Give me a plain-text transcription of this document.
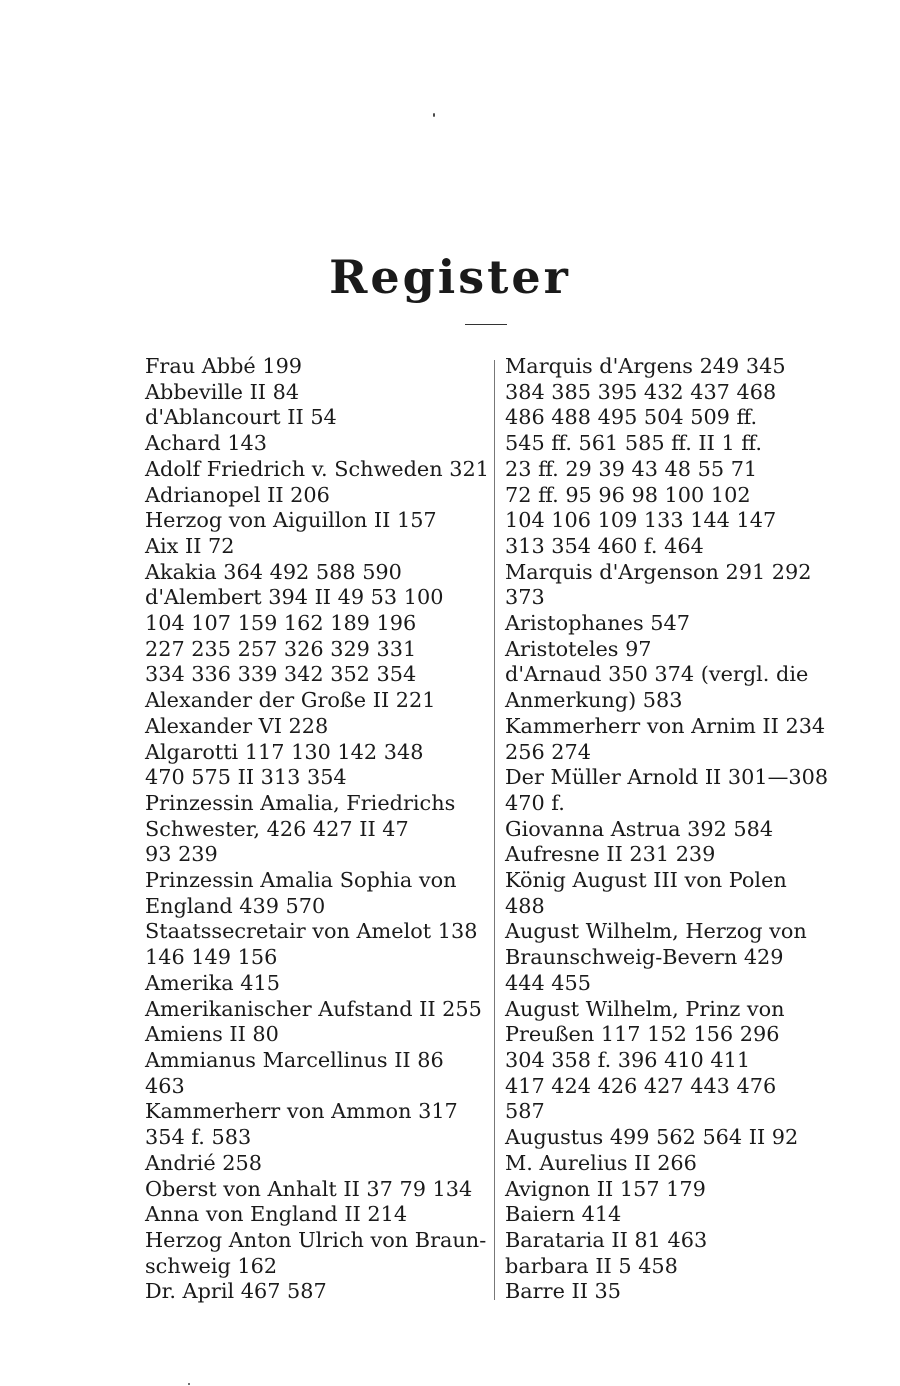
Register
Frau Abbé 199
Abbeville II 84
d'Ablancourt II 54
Achard 143
Adolf Friedrich v. Schweden 321
Adrianopel II 206
Herzog von Aiguillon II 157
Aix II 72
Akakia 364 492 588 590
d'Alembert 394 II 49 53 100
104 107 159 162 189 196
227 235 257 326 329 331
334 336 339 342 352 354
Alexander der Große II 221
Alexander VI 228
Algarotti 117 130 142 348
470 575 II 313 354
Prinzessin Amalia, Friedrichs
Schwester, 426 427 II 47
93 239
Prinzessin Amalia Sophia von
England 439 570
Staatssecretair von Amelot 138
146 149 156
Amerika 415
Amerikanischer Aufstand II 255
Amiens II 80
Ammianus Marcellinus II 86
463
Kammerherr von Ammon 317
354 f. 583
Andrié 258
Oberst von Anhalt II 37 79 134
Anna von England II 214
Herzog Anton Ulrich von Braun-
schweig 162
Dr. April 467 587
Marquis d'Argens 249 345
384 385 395 432 437 468
486 488 495 504 509 ff.
545 ff. 561 585 ff. II 1 ff.
23 ff. 29 39 43 48 55 71
72 ff. 95 96 98 100 102
104 106 109 133 144 147
313 354 460 f. 464
Marquis d'Argenson 291 292
373
Aristophanes 547
Aristoteles 97
d'Arnaud 350 374 (vergl. die
Anmerkung) 583
Kammerherr von Arnim II 234
256 274
Der Müller Arnold II 301—308
470 f.
Giovanna Astrua 392 584
Aufresne II 231 239
König August III von Polen
488
August Wilhelm, Herzog von
Braunschweig-Bevern 429
444 455
August Wilhelm, Prinz von
Preußen 117 152 156 296
304 358 f. 396 410 411
417 424 426 427 443 476
587
Augustus 499 562 564 II 92
M. Aurelius II 266
Avignon II 157 179
Baiern 414
Barataria II 81 463
barbara II 5 458
Barre II 35
